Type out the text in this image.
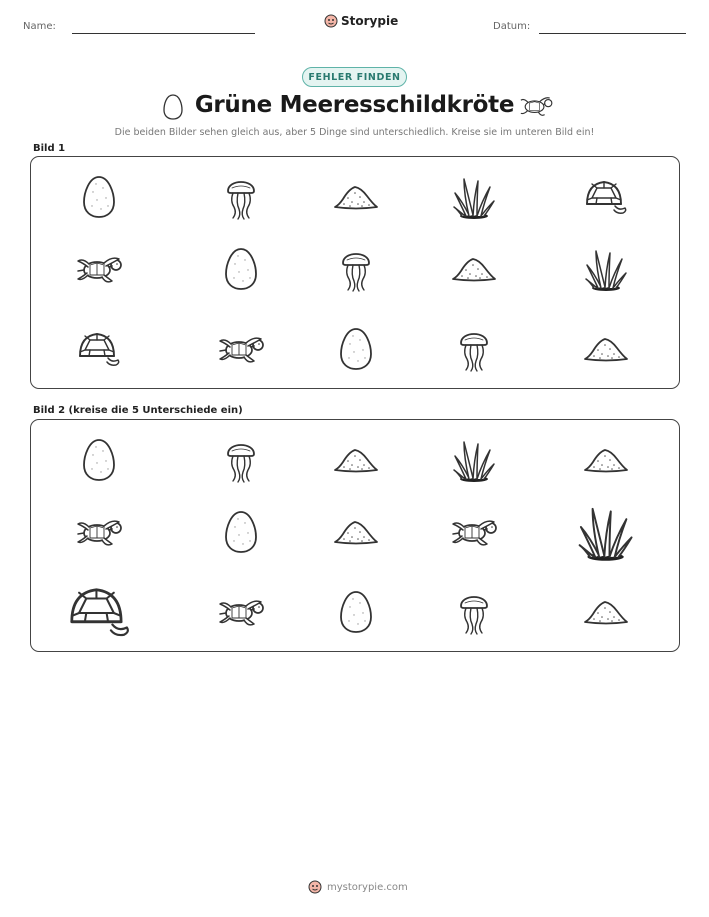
Name:	Storypie	Datum:
FEHLER FINDEN
Grüne Meeresschildkröte
Die beiden Bilder sehen gleich aus, aber 5 Dinge sind unterschiedlich. Kreise sie im unteren Bild ein!
Bild 1
Bild 2 (kreise die 5 Unterschiede ein)
mystorypie.com
